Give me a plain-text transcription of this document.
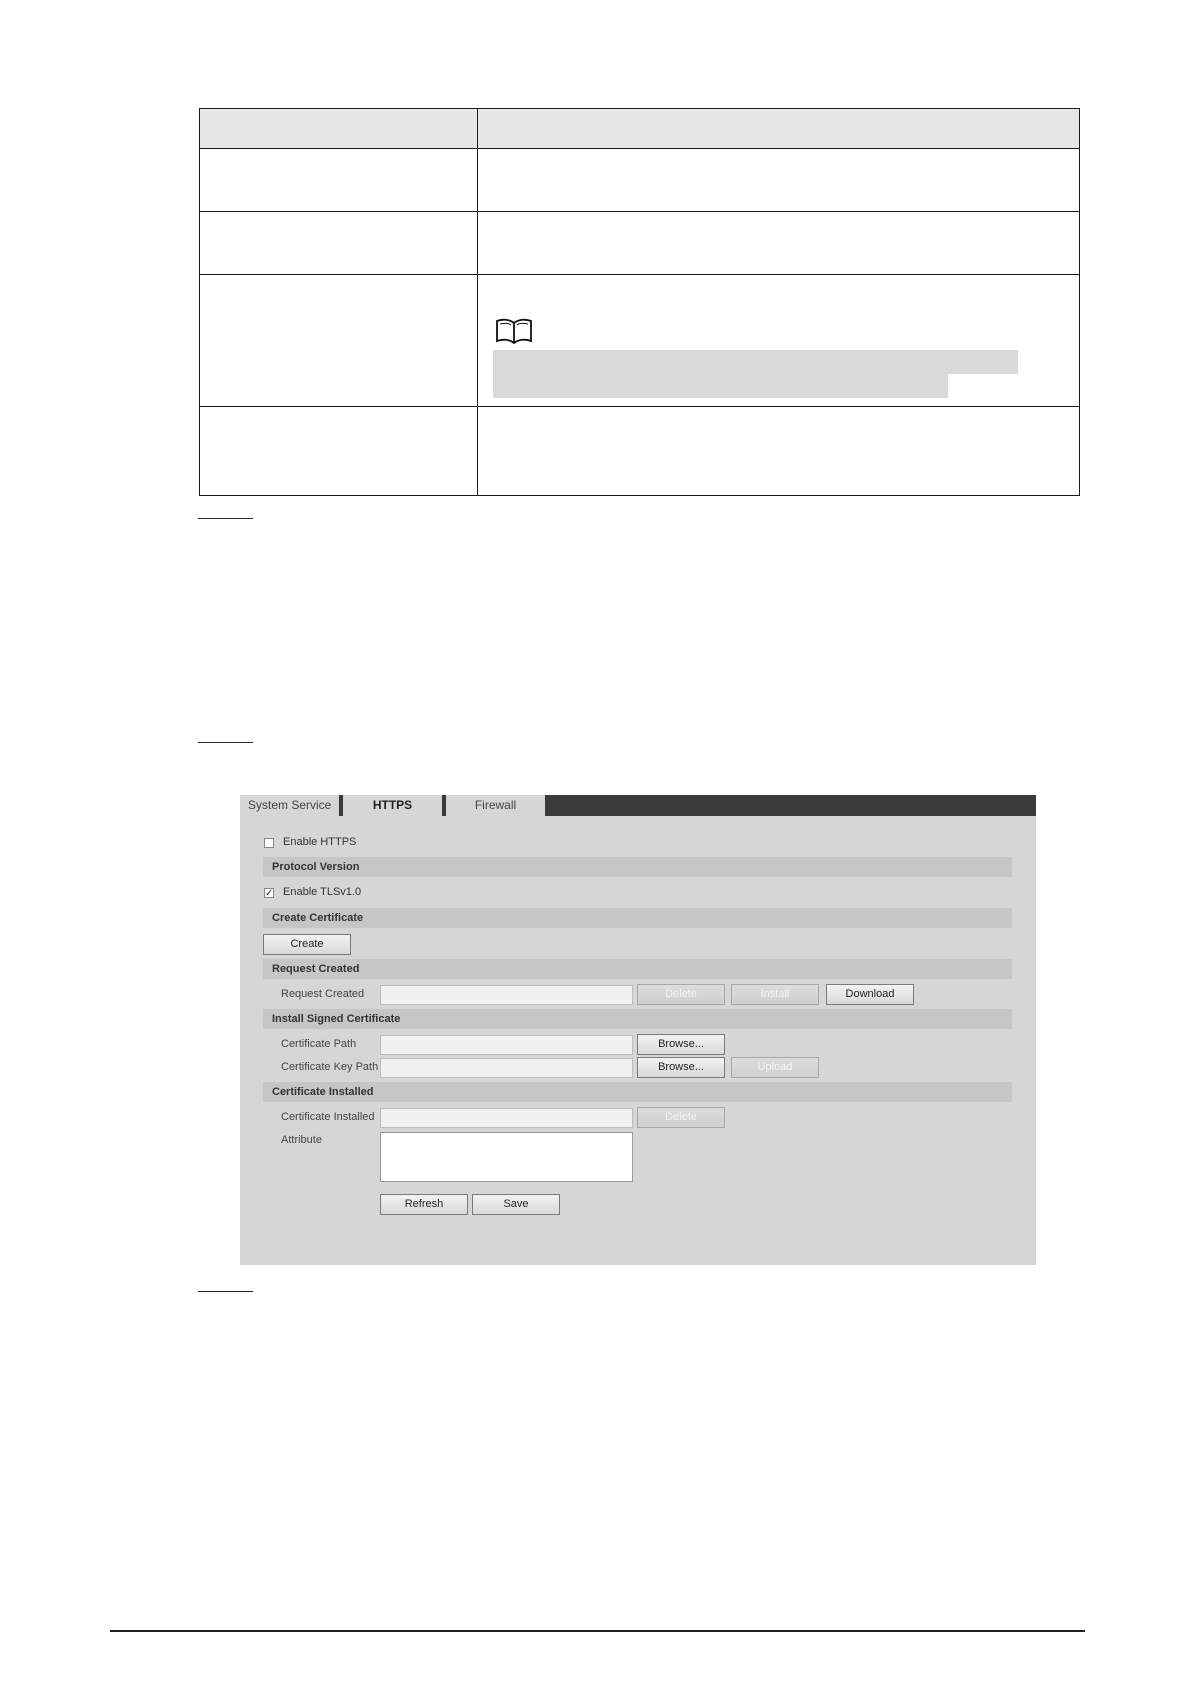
System Service	HTTPS	Firewall
Enable HTTPS
Protocol Version
✓ Enable TLSv1.0
Create Certificate
Create
Request Created
Request Created	Delete	Install	Download
Install Signed Certificate
Certificate Path	Browse...
Certificate Key Path	Browse...	Upload
Certificate Installed
Certificate Installed	Delete
Attribute
Refresh	Save
